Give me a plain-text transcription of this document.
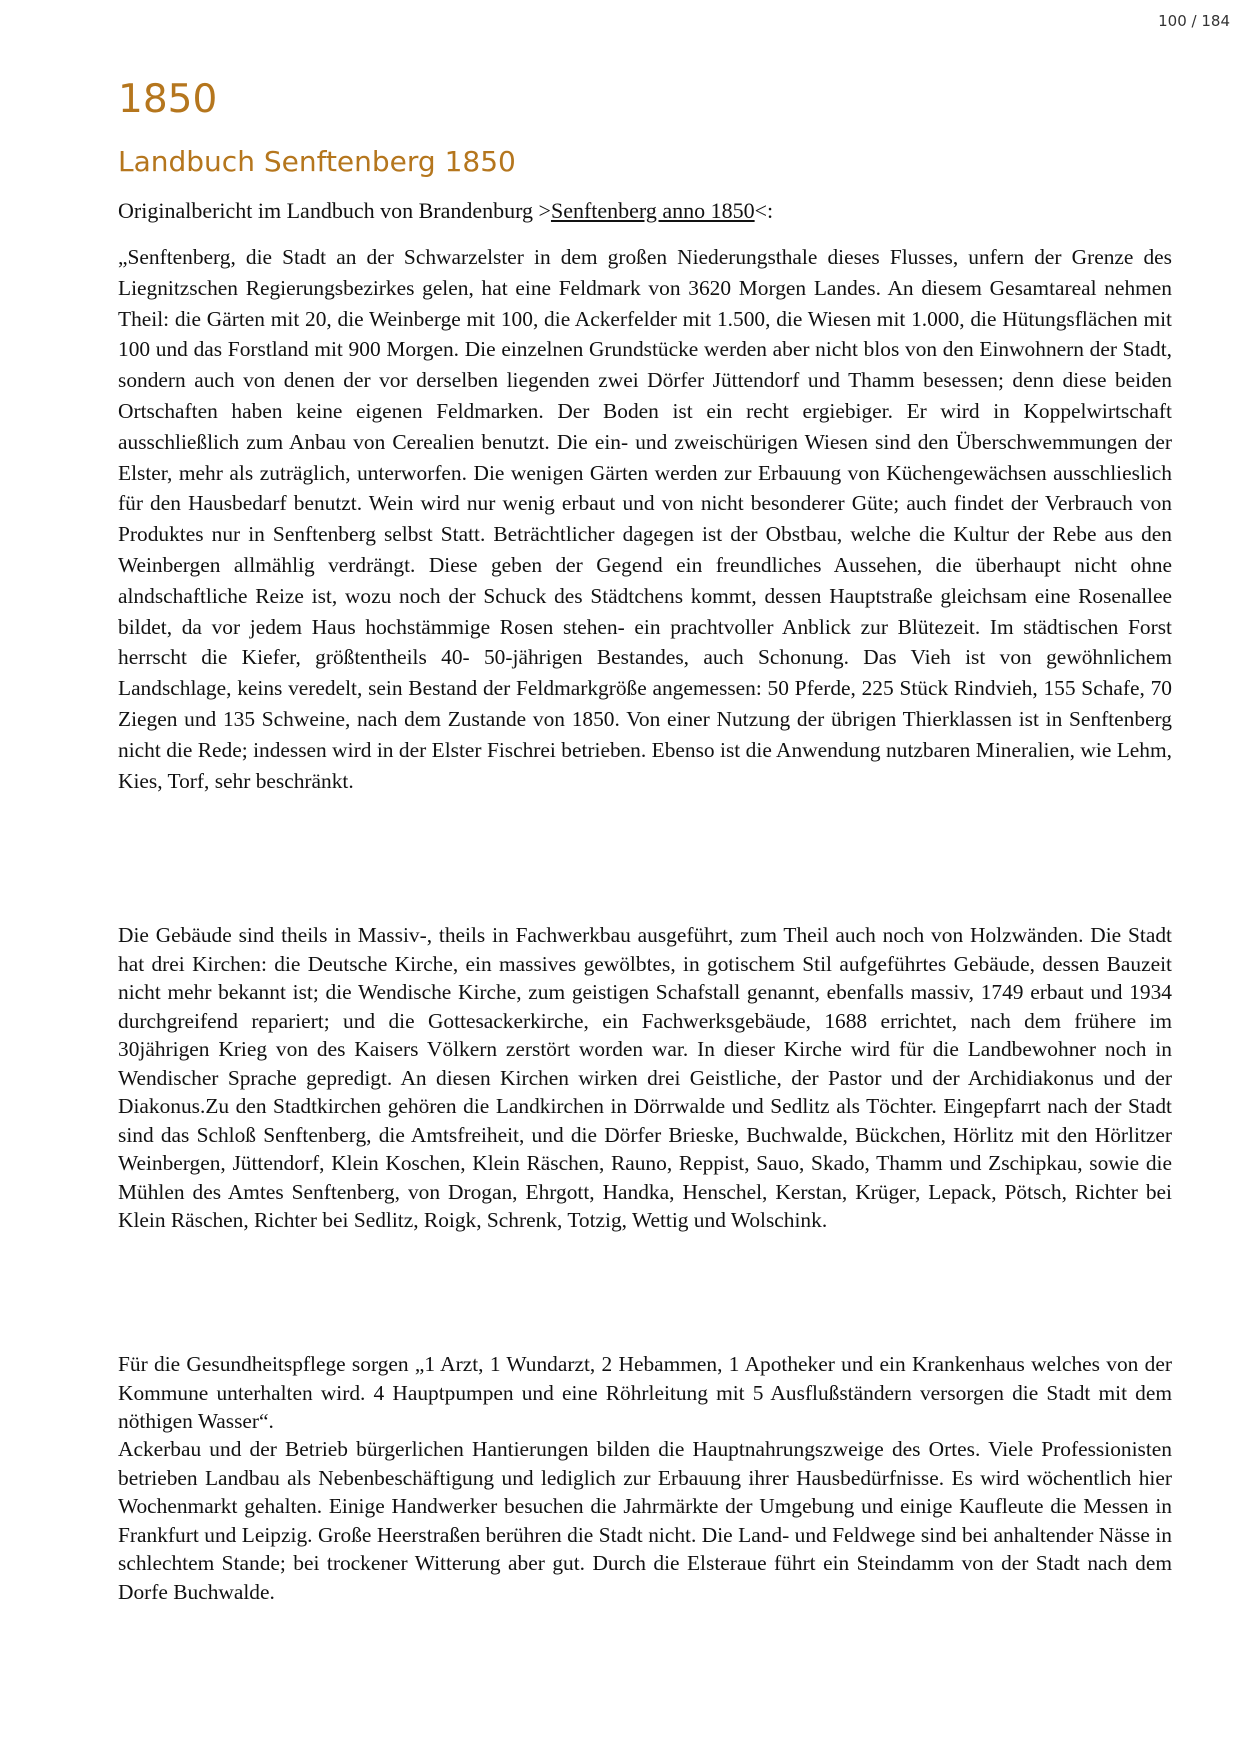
100 / 184
1850
Landbuch Senftenberg 1850

Originalbericht im Landbuch von Brandenburg >Senftenberg anno 1850<:

„Senftenberg, die Stadt an der Schwarzelster in dem großen Niederungsthale dieses Flusses, unfern der Grenze des Liegnitzschen Regierungsbezirkes gelen, hat eine Feldmark von 3620 Morgen Landes. An diesem Gesamtareal nehmen Theil: die Gärten mit 20, die Weinberge mit 100, die Ackerfelder mit 1.500, die Wiesen mit 1.000, die Hütungsflächen mit 100 und das Forstland mit 900 Morgen. Die einzelnen Grundstücke werden aber nicht blos von den Einwohnern der Stadt, sondern auch von denen der vor derselben liegenden zwei Dörfer Jüttendorf und Thamm besessen; denn diese beiden Ortschaften haben keine eigenen Feldmarken. Der Boden ist ein recht ergiebiger. Er wird in Koppelwirtschaft ausschließlich zum Anbau von Cerealien benutzt. Die ein- und zweischürigen Wiesen sind den Überschwemmungen der Elster, mehr als zuträglich, unterworfen. Die wenigen Gärten werden zur Erbauung von Küchengewächsen ausschlieslich für den Hausbedarf benutzt. Wein wird nur wenig erbaut und von nicht besonderer Güte; auch findet der Verbrauch von Produktes nur in Senftenberg selbst Statt. Beträchtlicher dagegen ist der Obstbau, welche die Kultur der Rebe aus den Weinbergen allmählig verdrängt. Diese geben der Gegend ein freundliches Aussehen, die überhaupt nicht ohne alndschaftliche Reize ist, wozu noch der Schuck des Städtchens kommt, dessen Hauptstraße gleichsam eine Rosenallee bildet, da vor jedem Haus hochstämmige Rosen stehen- ein prachtvoller Anblick zur Blütezeit. Im städtischen Forst herrscht die Kiefer, größtentheils 40- 50-jährigen Bestandes, auch Schonung. Das Vieh ist von gewöhnlichem Landschlage, keins veredelt, sein Bestand der Feldmarkgröße angemessen: 50 Pferde, 225 Stück Rindvieh, 155 Schafe, 70 Ziegen und 135 Schweine, nach dem Zustande von 1850. Von einer Nutzung der übrigen Thierklassen ist in Senftenberg nicht die Rede; indessen wird in der Elster Fischrei betrieben. Ebenso ist die Anwendung nutzbaren Mineralien, wie Lehm, Kies, Torf, sehr beschränkt.

Die Gebäude sind theils in Massiv-, theils in Fachwerkbau ausgeführt, zum Theil auch noch von Holzwänden. Die Stadt hat drei Kirchen: die Deutsche Kirche, ein massives gewölbtes, in gotischem Stil aufgeführtes Gebäude, dessen Bauzeit nicht mehr bekannt ist; die Wendische Kirche, zum geistigen Schafstall genannt, ebenfalls massiv, 1749 erbaut und 1934 durchgreifend repariert; und die Gottesackerkirche, ein Fachwerksgebäude, 1688 errichtet, nach dem frühere im 30jährigen Krieg von des Kaisers Völkern zerstört worden war. In dieser Kirche wird für die Landbewohner noch in Wendischer Sprache gepredigt. An diesen Kirchen wirken drei Geistliche, der Pastor und der Archidiakonus und der Diakonus.Zu den Stadtkirchen gehören die Landkirchen in Dörrwalde und Sedlitz als Töchter. Eingepfarrt nach der Stadt sind das Schloß Senftenberg, die Amtsfreiheit, und die Dörfer Brieske, Buchwalde, Bückchen, Hörlitz mit den Hörlitzer Weinbergen, Jüttendorf, Klein Koschen, Klein Räschen, Rauno, Reppist, Sauo, Skado, Thamm und Zschipkau, sowie die Mühlen des Amtes Senftenberg, von Drogan, Ehrgott, Handka, Henschel, Kerstan, Krüger, Lepack, Pötsch, Richter bei Klein Räschen, Richter bei Sedlitz, Roigk, Schrenk, Totzig, Wettig und Wolschink.

Für die Gesundheitspflege sorgen „1 Arzt, 1 Wundarzt, 2 Hebammen, 1 Apotheker und ein Krankenhaus welches von der Kommune unterhalten wird. 4 Hauptpumpen und eine Röhrleitung mit 5 Ausflußständern versorgen die Stadt mit dem nöthigen Wasser“.

Ackerbau und der Betrieb bürgerlichen Hantierungen bilden die Hauptnahrungszweige des Ortes. Viele Professionisten betrieben Landbau als Nebenbeschäftigung und lediglich zur Erbauung ihrer Hausbedürfnisse. Es wird wöchentlich hier Wochenmarkt gehalten. Einige Handwerker besuchen die Jahrmärkte der Umgebung und einige Kaufleute die Messen in Frankfurt und Leipzig. Große Heerstraßen berühren die Stadt nicht. Die Land- und Feldwege sind bei anhaltender Nässe in schlechtem Stande; bei trockener Witterung aber gut. Durch die Elsteraue führt ein Steindamm von der Stadt nach dem Dorfe Buchwalde.
